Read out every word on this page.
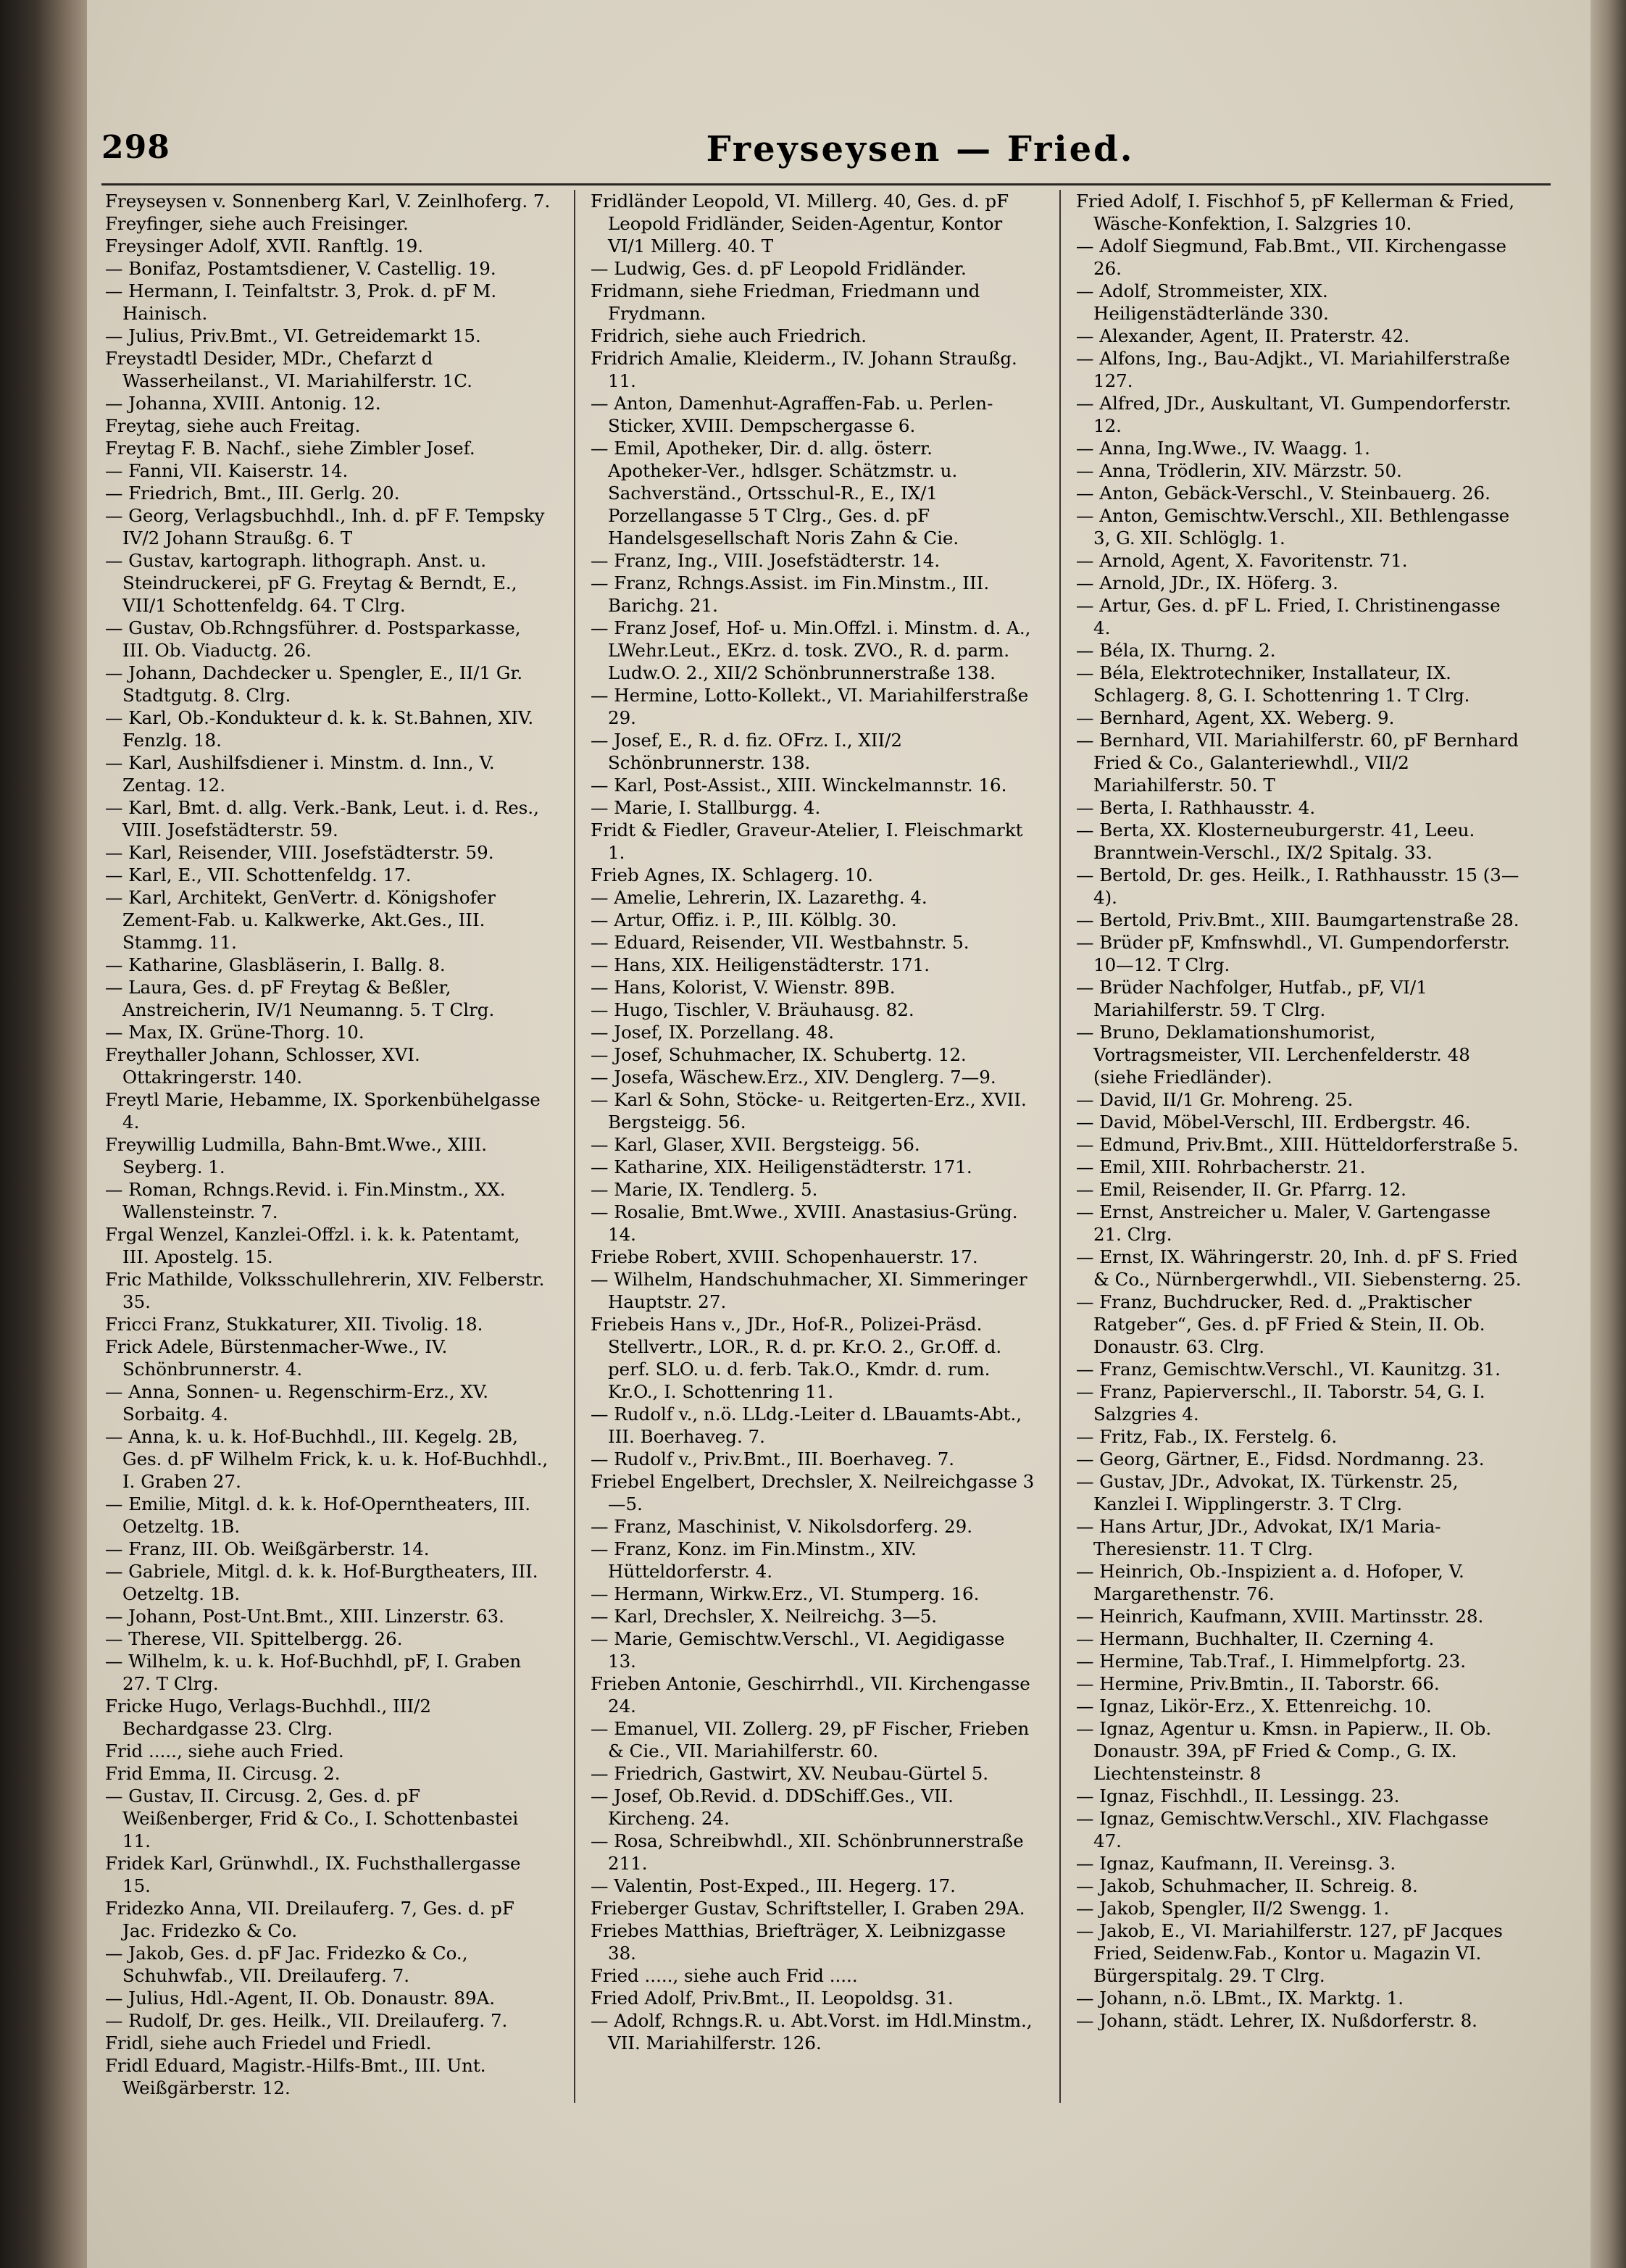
298	Freyseysen — Fried.
Freyseysen v. Sonnenberg Karl, V. Zeinlhoferg. 7.
Freyfinger, siehe auch Freisinger.
Freysinger Adolf, XVII. Ranftlg. 19.
— Bonifaz, Postamtsdiener, V. Castellig. 19.
— Hermann, I. Teinfaltstr. 3, Prok. d. pF M. Hainisch.
— Julius, Priv.Bmt., VI. Getreidemarkt 15.
Freystadtl Desider, MDr., Chefarzt d Wasserheilanst., VI. Mariahilferstr. 1C.
— Johanna, XVIII. Antonig. 12.
Freytag, siehe auch Freitag.
Freytag F. B. Nachf., siehe Zimbler Josef.
— Fanni, VII. Kaiserstr. 14.
— Friedrich, Bmt., III. Gerlg. 20.
— Georg, Verlagsbuchhdl., Inh. d. pF F. Tempsky IV/2 Johann Straußg. 6. T
— Gustav, kartograph. lithograph. Anst. u. Steindruckerei, pF G. Freytag & Berndt, E., VII/1 Schottenfeldg. 64. T Clrg.
— Gustav, Ob.Rchngsführer. d. Postsparkasse, III. Ob. Viaductg. 26.
— Johann, Dachdecker u. Spengler, E., II/1 Gr. Stadtgutg. 8. Clrg.
— Karl, Ob.-Kondukteur d. k. k. St.Bahnen, XIV. Fenzlg. 18.
— Karl, Aushilfsdiener i. Minstm. d. Inn., V. Zentag. 12.
— Karl, Bmt. d. allg. Verk.-Bank, Leut. i. d. Res., VIII. Josefstädterstr. 59.
— Karl, Reisender, VIII. Josefstädterstr. 59.
— Karl, E., VII. Schottenfeldg. 17.
— Karl, Architekt, GenVertr. d. Königshofer Zement-Fab. u. Kalkwerke, Akt.Ges., III. Stammg. 11.
— Katharine, Glasbläserin, I. Ballg. 8.
— Laura, Ges. d. pF Freytag & Beßler, Anstreicherin, IV/1 Neumanng. 5. T Clrg.
— Max, IX. Grüne-Thorg. 10.
Freythaller Johann, Schlosser, XVI. Ottakringerstr. 140.
Freytl Marie, Hebamme, IX. Sporkenbühelgasse 4.
Freywillig Ludmilla, Bahn-Bmt.Wwe., XIII. Seyberg. 1.
— Roman, Rchngs.Revid. i. Fin.Minstm., XX. Wallensteinstr. 7.
Frgal Wenzel, Kanzlei-Offzl. i. k. k. Patentamt, III. Apostelg. 15.
Fric Mathilde, Volksschullehrerin, XIV. Felberstr. 35.
Fricci Franz, Stukkaturer, XII. Tivolig. 18.
Frick Adele, Bürstenmacher-Wwe., IV. Schönbrunnerstr. 4.
— Anna, Sonnen- u. Regenschirm-Erz., XV. Sorbaitg. 4.
— Anna, k. u. k. Hof-Buchhdl., III. Kegelg. 2B, Ges. d. pF Wilhelm Frick, k. u. k. Hof-Buchhdl., I. Graben 27.
— Emilie, Mitgl. d. k. k. Hof-Operntheaters, III. Oetzeltg. 1B.
— Franz, III. Ob. Weißgärberstr. 14.
— Gabriele, Mitgl. d. k. k. Hof-Burgtheaters, III. Oetzeltg. 1B.
— Johann, Post-Unt.Bmt., XIII. Linzerstr. 63.
— Therese, VII. Spittelbergg. 26.
— Wilhelm, k. u. k. Hof-Buchhdl, pF, I. Graben 27. T Clrg.
Fricke Hugo, Verlags-Buchhdl., III/2 Bechardgasse 23. Clrg.
Frid ....., siehe auch Fried.
Frid Emma, II. Circusg. 2.
— Gustav, II. Circusg. 2, Ges. d. pF Weißenberger, Frid & Co., I. Schottenbastei 11.
Fridek Karl, Grünwhdl., IX. Fuchsthallergasse 15.
Fridezko Anna, VII. Dreilauferg. 7, Ges. d. pF Jac. Fridezko & Co.
— Jakob, Ges. d. pF Jac. Fridezko & Co., Schuhwfab., VII. Dreilauferg. 7.
— Julius, Hdl.-Agent, II. Ob. Donaustr. 89A.
— Rudolf, Dr. ges. Heilk., VII. Dreilauferg. 7.
Fridl, siehe auch Friedel und Friedl.
Fridl Eduard, Magistr.-Hilfs-Bmt., III. Unt. Weißgärberstr. 12.
Fridländer Leopold, VI. Millerg. 40, Ges. d. pF Leopold Fridländer, Seiden-Agentur, Kontor VI/1 Millerg. 40. T
— Ludwig, Ges. d. pF Leopold Fridländer.
Fridmann, siehe Friedman, Friedmann und Frydmann.
Fridrich, siehe auch Friedrich.
Fridrich Amalie, Kleiderm., IV. Johann Straußg. 11.
— Anton, Damenhut-Agraffen-Fab. u. Perlen-Sticker, XVIII. Dempschergasse 6.
— Emil, Apotheker, Dir. d. allg. österr. Apotheker-Ver., hdlsger. Schätzmstr. u. Sachverständ., Ortsschul-R., E., IX/1 Porzellangasse 5 T Clrg., Ges. d. pF Handelsgesellschaft Noris Zahn & Cie.
— Franz, Ing., VIII. Josefstädterstr. 14.
— Franz, Rchngs.Assist. im Fin.Minstm., III. Barichg. 21.
— Franz Josef, Hof- u. Min.Offzl. i. Minstm. d. A., LWehr.Leut., EKrz. d. tosk. ZVO., R. d. parm. Ludw.O. 2., XII/2 Schönbrunnerstraße 138.
— Hermine, Lotto-Kollekt., VI. Mariahilferstraße 29.
— Josef, E., R. d. fiz. OFrz. I., XII/2 Schönbrunnerstr. 138.
— Karl, Post-Assist., XIII. Winckelmannstr. 16.
— Marie, I. Stallburgg. 4.
Fridt & Fiedler, Graveur-Atelier, I. Fleischmarkt 1.
Frieb Agnes, IX. Schlagerg. 10.
— Amelie, Lehrerin, IX. Lazarethg. 4.
— Artur, Offiz. i. P., III. Kölblg. 30.
— Eduard, Reisender, VII. Westbahnstr. 5.
— Hans, XIX. Heiligenstädterstr. 171.
— Hans, Kolorist, V. Wienstr. 89B.
— Hugo, Tischler, V. Bräuhausg. 82.
— Josef, IX. Porzellang. 48.
— Josef, Schuhmacher, IX. Schubertg. 12.
— Josefa, Wäschew.Erz., XIV. Denglerg. 7—9.
— Karl & Sohn, Stöcke- u. Reitgerten-Erz., XVII. Bergsteigg. 56.
— Karl, Glaser, XVII. Bergsteigg. 56.
— Katharine, XIX. Heiligenstädterstr. 171.
— Marie, IX. Tendlerg. 5.
— Rosalie, Bmt.Wwe., XVIII. Anastasius-Grüng. 14.
Friebe Robert, XVIII. Schopenhauerstr. 17.
— Wilhelm, Handschuhmacher, XI. Simmeringer Hauptstr. 27.
Friebeis Hans v., JDr., Hof-R., Polizei-Präsd. Stellvertr., LOR., R. d. pr. Kr.O. 2., Gr.Off. d. perf. SLO. u. d. ferb. Tak.O., Kmdr. d. rum. Kr.O., I. Schottenring 11.
— Rudolf v., n.ö. LLdg.-Leiter d. LBauamts-Abt., III. Boerhaveg. 7.
— Rudolf v., Priv.Bmt., III. Boerhaveg. 7.
Friebel Engelbert, Drechsler, X. Neilreichgasse 3—5.
— Franz, Maschinist, V. Nikolsdorferg. 29.
— Franz, Konz. im Fin.Minstm., XIV. Hütteldorferstr. 4.
— Hermann, Wirkw.Erz., VI. Stumperg. 16.
— Karl, Drechsler, X. Neilreichg. 3—5.
— Marie, Gemischtw.Verschl., VI. Aegidigasse 13.
Frieben Antonie, Geschirrhdl., VII. Kirchengasse 24.
— Emanuel, VII. Zollerg. 29, pF Fischer, Frieben & Cie., VII. Mariahilferstr. 60.
— Friedrich, Gastwirt, XV. Neubau-Gürtel 5.
— Josef, Ob.Revid. d. DDSchiff.Ges., VII. Kircheng. 24.
— Rosa, Schreibwhdl., XII. Schönbrunnerstraße 211.
— Valentin, Post-Exped., III. Hegerg. 17.
Frieberger Gustav, Schriftsteller, I. Graben 29A.
Friebes Matthias, Briefträger, X. Leibnizgasse 38.
Fried ....., siehe auch Frid .....
Fried Adolf, Priv.Bmt., II. Leopoldsg. 31.
— Adolf, Rchngs.R. u. Abt.Vorst. im Hdl.Minstm., VII. Mariahilferstr. 126.
Fried Adolf, I. Fischhof 5, pF Kellerman & Fried, Wäsche-Konfektion, I. Salzgries 10.
— Adolf Siegmund, Fab.Bmt., VII. Kirchengasse 26.
— Adolf, Strommeister, XIX. Heiligenstädterlände 330.
— Alexander, Agent, II. Praterstr. 42.
— Alfons, Ing., Bau-Adjkt., VI. Mariahilferstraße 127.
— Alfred, JDr., Auskultant, VI. Gumpendorferstr. 12.
— Anna, Ing.Wwe., IV. Waagg. 1.
— Anna, Trödlerin, XIV. Märzstr. 50.
— Anton, Gebäck-Verschl., V. Steinbauerg. 26.
— Anton, Gemischtw.Verschl., XII. Bethlengasse 3, G. XII. Schlöglg. 1.
— Arnold, Agent, X. Favoritenstr. 71.
— Arnold, JDr., IX. Höferg. 3.
— Artur, Ges. d. pF L. Fried, I. Christinengasse 4.
— Béla, IX. Thurng. 2.
— Béla, Elektrotechniker, Installateur, IX. Schlagerg. 8, G. I. Schottenring 1. T Clrg.
— Bernhard, Agent, XX. Weberg. 9.
— Bernhard, VII. Mariahilferstr. 60, pF Bernhard Fried & Co., Galanteriewhdl., VII/2 Mariahilferstr. 50. T
— Berta, I. Rathhausstr. 4.
— Berta, XX. Klosterneuburgerstr. 41, Leeu. Branntwein-Verschl., IX/2 Spitalg. 33.
— Bertold, Dr. ges. Heilk., I. Rathhausstr. 15 (3—4).
— Bertold, Priv.Bmt., XIII. Baumgartenstraße 28.
— Brüder pF, Kmfnswhdl., VI. Gumpendorferstr. 10—12. T Clrg.
— Brüder Nachfolger, Hutfab., pF, VI/1 Mariahilferstr. 59. T Clrg.
— Bruno, Deklamationshumorist, Vortragsmeister, VII. Lerchenfelderstr. 48 (siehe Friedländer).
— David, II/1 Gr. Mohreng. 25.
— David, Möbel-Verschl, III. Erdbergstr. 46.
— Edmund, Priv.Bmt., XIII. Hütteldorferstraße 5.
— Emil, XIII. Rohrbacherstr. 21.
— Emil, Reisender, II. Gr. Pfarrg. 12.
— Ernst, Anstreicher u. Maler, V. Gartengasse 21. Clrg.
— Ernst, IX. Währingerstr. 20, Inh. d. pF S. Fried & Co., Nürnbergerwhdl., VII. Siebensterng. 25.
— Franz, Buchdrucker, Red. d. „Praktischer Ratgeber“, Ges. d. pF Fried & Stein, II. Ob. Donaustr. 63. Clrg.
— Franz, Gemischtw.Verschl., VI. Kaunitzg. 31.
— Franz, Papierverschl., II. Taborstr. 54, G. I. Salzgries 4.
— Fritz, Fab., IX. Ferstelg. 6.
— Georg, Gärtner, E., Fidsd. Nordmanng. 23.
— Gustav, JDr., Advokat, IX. Türkenstr. 25, Kanzlei I. Wipplingerstr. 3. T Clrg.
— Hans Artur, JDr., Advokat, IX/1 Maria-Theresienstr. 11. T Clrg.
— Heinrich, Ob.-Inspizient a. d. Hofoper, V. Margarethenstr. 76.
— Heinrich, Kaufmann, XVIII. Martinsstr. 28.
— Hermann, Buchhalter, II. Czerning 4.
— Hermine, Tab.Traf., I. Himmelpfortg. 23.
— Hermine, Priv.Bmtin., II. Taborstr. 66.
— Ignaz, Likör-Erz., X. Ettenreichg. 10.
— Ignaz, Agentur u. Kmsn. in Papierw., II. Ob. Donaustr. 39A, pF Fried & Comp., G. IX. Liechtensteinstr. 8
— Ignaz, Fischhdl., II. Lessingg. 23.
— Ignaz, Gemischtw.Verschl., XIV. Flachgasse 47.
— Ignaz, Kaufmann, II. Vereinsg. 3.
— Jakob, Schuhmacher, II. Schreig. 8.
— Jakob, Spengler, II/2 Swengg. 1.
— Jakob, E., VI. Mariahilferstr. 127, pF Jacques Fried, Seidenw.Fab., Kontor u. Magazin VI. Bürgerspitalg. 29. T Clrg.
— Johann, n.ö. LBmt., IX. Marktg. 1.
— Johann, städt. Lehrer, IX. Nußdorferstr. 8.
